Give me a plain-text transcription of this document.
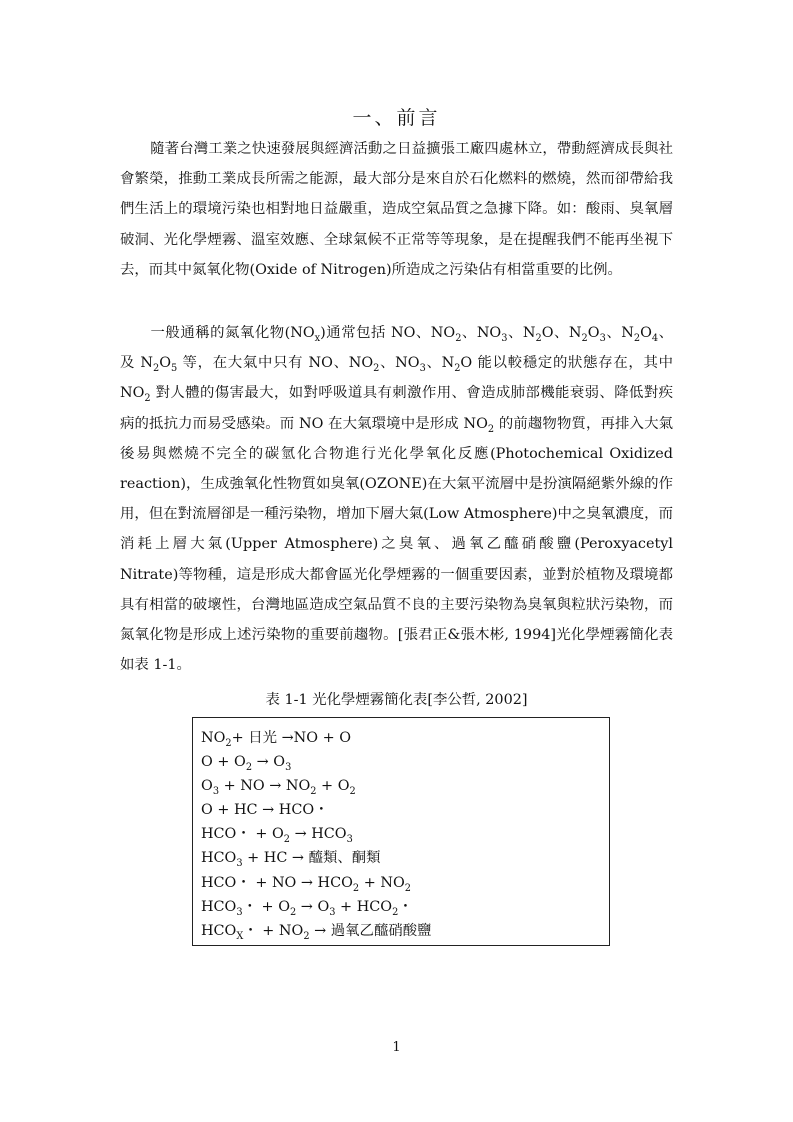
一、前言

隨著台灣工業之快速發展與經濟活動之日益擴張工廠四處林立，帶動經濟成長與社會繁榮，推動工業成長所需之能源，最大部分是來自於石化燃料的燃燒，然而卻帶給我們生活上的環境污染也相對地日益嚴重，造成空氣品質之急據下降。如：酸雨、臭氧層破洞、光化學煙霧、溫室效應、全球氣候不正常等等現象，是在提醒我們不能再坐視下去，而其中氮氧化物(Oxide of Nitrogen)所造成之污染佔有相當重要的比例。

一般通稱的氮氧化物$(NO_x)$通常包括 NO、$NO_2$、$NO_3$、$N_2O$、$N_2O_3$、$N_2O_4$、及 $N_2O_5$ 等，在大氣中只有 NO、$NO_2$、$NO_3$、$N_2O$ 能以較穩定的狀態存在，其中 $NO_2$ 對人體的傷害最大，如對呼吸道具有刺激作用、會造成肺部機能衰弱、降低對疾病的抵抗力而易受感染。而 NO 在大氣環境中是形成 $NO_2$ 的前趨物物質，再排入大氣後易與燃燒不完全的碳氫化合物進行光化學氧化反應(Photochemical Oxidized reaction)，生成強氧化性物質如臭氧(OZONE)在大氣平流層中是扮演隔絕紫外線的作用，但在對流層卻是一種污染物，增加下層大氣(Low Atmosphere)中之臭氧濃度，而消耗上層大氣(Upper Atmosphere)之臭氧、過氧乙醯硝酸鹽(Peroxyacetyl Nitrate)等物種，這是形成大都會區光化學煙霧的一個重要因素，並對於植物及環境都具有相當的破壞性，台灣地區造成空氣品質不良的主要污染物為臭氧與粒狀污染物，而氮氧化物是形成上述污染物的重要前趨物。[張君正&張木彬, 1994]光化學煙霧簡化表如表 1-1。

表 1-1 光化學煙霧簡化表[李公哲, 2002]
$NO_2+$ 日光 →NO + O
$O + O_2 \to O_3$
$O_3$ + NO → $NO_2 + O_2$
O + HC → HCO・
HCO・ + $O_2 \to HCO_3$
$HCO_3$ + HC → 醯類、酮類
HCO・ + NO → $HCO_2 + NO_2$
$HCO_3$・ + $O_2 \to O_3 + HCO_2$・
$HCO_X$・ + $NO_2$ → 過氧乙醯硝酸鹽
1
